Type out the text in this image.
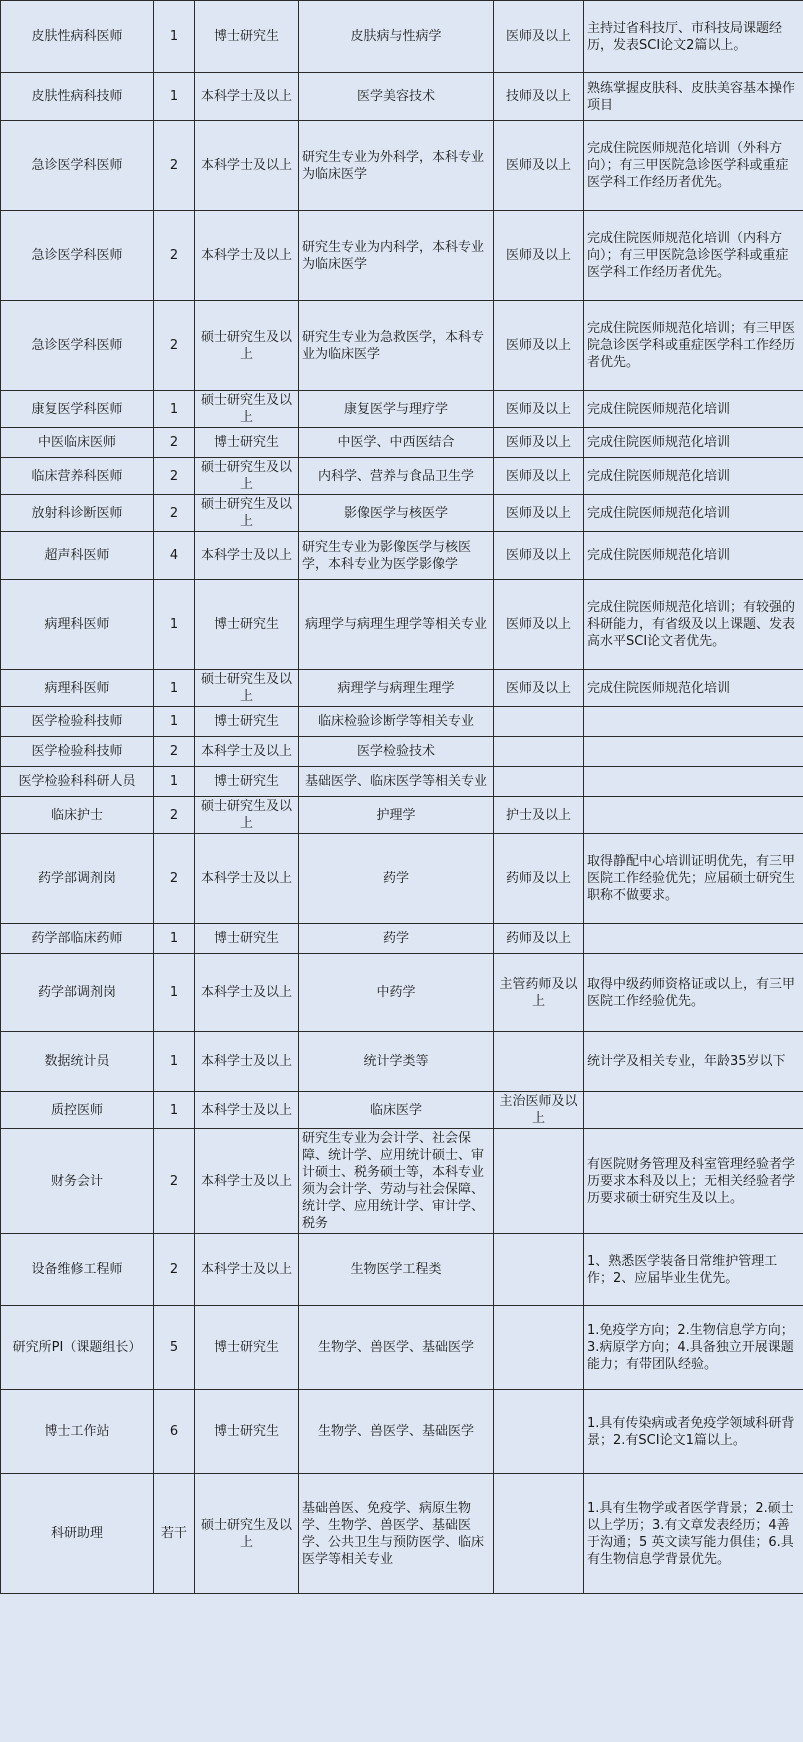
皮肤性病科医师	1	博士研究生	皮肤病与性病学	医师及以上	主持过省科技厅、市科技局课题经历，发表SCI论文2篇以上。
皮肤性病科技师	1	本科学士及以上	医学美容技术	技师及以上	熟练掌握皮肤科、皮肤美容基本操作项目
急诊医学科医师	2	本科学士及以上	研究生专业为外科学，本科专业为临床医学	医师及以上	完成住院医师规范化培训（外科方向）；有三甲医院急诊医学科或重症医学科工作经历者优先。
急诊医学科医师	2	本科学士及以上	研究生专业为内科学，本科专业为临床医学	医师及以上	完成住院医师规范化培训（内科方向）；有三甲医院急诊医学科或重症医学科工作经历者优先。
急诊医学科医师	2	硕士研究生及以上	研究生专业为急救医学，本科专业为临床医学	医师及以上	完成住院医师规范化培训；有三甲医院急诊医学科或重症医学科工作经历者优先。
康复医学科医师	1	硕士研究生及以上	康复医学与理疗学	医师及以上	完成住院医师规范化培训
中医临床医师	2	博士研究生	中医学、中西医结合	医师及以上	完成住院医师规范化培训
临床营养科医师	2	硕士研究生及以上	内科学、营养与食品卫生学	医师及以上	完成住院医师规范化培训
放射科诊断医师	2	硕士研究生及以上	影像医学与核医学	医师及以上	完成住院医师规范化培训
超声科医师	4	本科学士及以上	研究生专业为影像医学与核医学，本科专业为医学影像学	医师及以上	完成住院医师规范化培训
病理科医师	1	博士研究生	病理学与病理生理学等相关专业	医师及以上	完成住院医师规范化培训；有较强的科研能力，有省级及以上课题、发表高水平SCI论文者优先。
病理科医师	1	硕士研究生及以上	病理学与病理生理学	医师及以上	完成住院医师规范化培训
医学检验科技师	1	博士研究生	临床检验诊断学等相关专业		
医学检验科技师	2	本科学士及以上	医学检验技术		
医学检验科科研人员	1	博士研究生	基础医学、临床医学等相关专业		
临床护士	2	硕士研究生及以上	护理学	护士及以上	
药学部调剂岗	2	本科学士及以上	药学	药师及以上	取得静配中心培训证明优先，有三甲医院工作经验优先；应届硕士研究生职称不做要求。
药学部临床药师	1	博士研究生	药学	药师及以上	
药学部调剂岗	1	本科学士及以上	中药学	主管药师及以上	取得中级药师资格证或以上，有三甲医院工作经验优先。
数据统计员	1	本科学士及以上	统计学类等		统计学及相关专业，年龄35岁以下
质控医师	1	本科学士及以上	临床医学	主治医师及以上	
财务会计	2	本科学士及以上	研究生专业为会计学、社会保障、统计学、应用统计硕士、审计硕士、税务硕士等，本科专业须为会计学、劳动与社会保障、统计学、应用统计学、审计学、税务		有医院财务管理及科室管理经验者学历要求本科及以上；无相关经验者学历要求硕士研究生及以上。
设备维修工程师	2	本科学士及以上	生物医学工程类		1、熟悉医学装备日常维护管理工作；2、应届毕业生优先。
研究所PI（课题组长）	5	博士研究生	生物学、兽医学、基础医学		1.免疫学方向；2.生物信息学方向；3.病原学方向；4.具备独立开展课题能力；有带团队经验。
博士工作站	6	博士研究生	生物学、兽医学、基础医学		1.具有传染病或者免疫学领域科研背景；2.有SCI论文1篇以上。
科研助理	若干	硕士研究生及以上	基础兽医、免疫学、病原生物学、生物学、兽医学、基础医学、公共卫生与预防医学、临床医学等相关专业		1.具有生物学或者医学背景；2.硕士以上学历；3.有文章发表经历；4善于沟通；5 英文读写能力俱佳；6.具有生物信息学背景优先。
